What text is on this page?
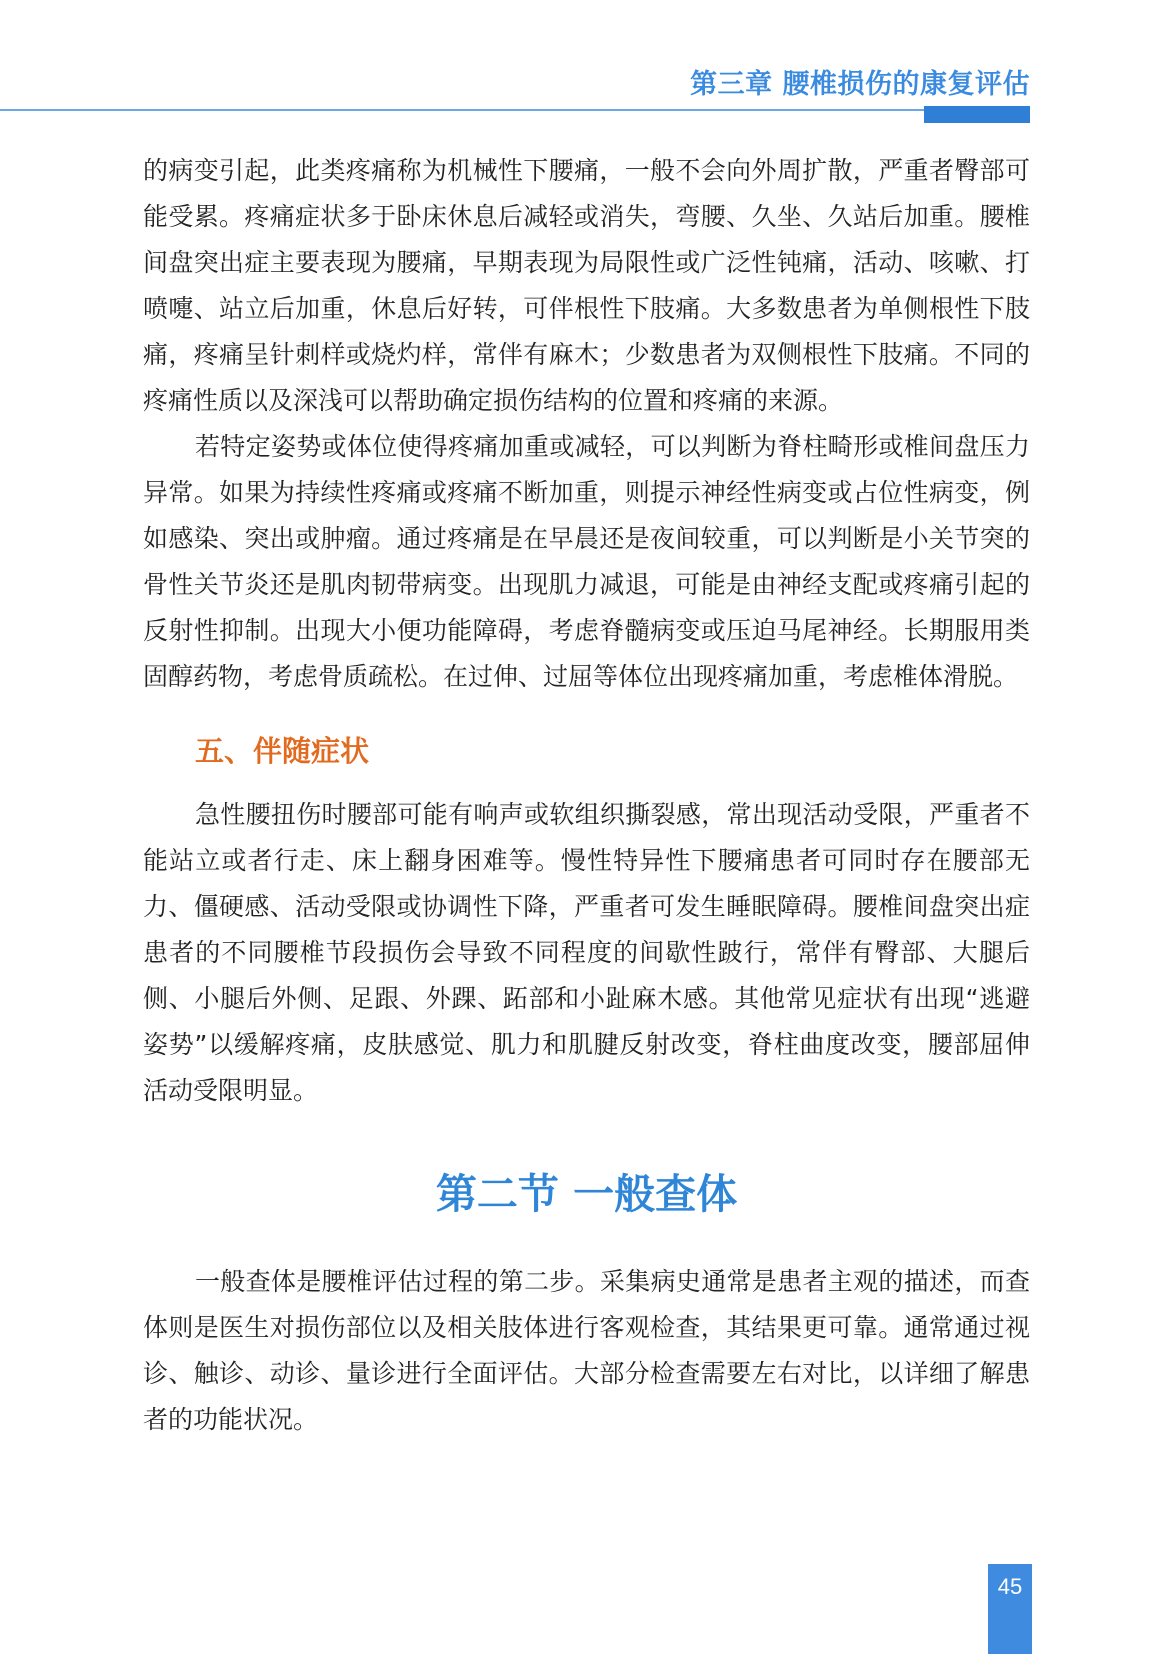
第三章 腰椎损伤的康复评估

的病变引起，此类疼痛称为机械性下腰痛，一般不会向外周扩散，严重者臀部可能受累。疼痛症状多于卧床休息后减轻或消失，弯腰、久坐、久站后加重。腰椎间盘突出症主要表现为腰痛，早期表现为局限性或广泛性钝痛，活动、咳嗽、打喷嚏、站立后加重，休息后好转，可伴根性下肢痛。大多数患者为单侧根性下肢痛，疼痛呈针刺样或烧灼样，常伴有麻木；少数患者为双侧根性下肢痛。不同的疼痛性质以及深浅可以帮助确定损伤结构的位置和疼痛的来源。

若特定姿势或体位使得疼痛加重或减轻，可以判断为脊柱畸形或椎间盘压力异常。如果为持续性疼痛或疼痛不断加重，则提示神经性病变或占位性病变，例如感染、突出或肿瘤。通过疼痛是在早晨还是夜间较重，可以判断是小关节突的骨性关节炎还是肌肉韧带病变。出现肌力减退，可能是由神经支配或疼痛引起的反射性抑制。出现大小便功能障碍，考虑脊髓病变或压迫马尾神经。长期服用类固醇药物，考虑骨质疏松。在过伸、过屈等体位出现疼痛加重，考虑椎体滑脱。

五、伴随症状

急性腰扭伤时腰部可能有响声或软组织撕裂感，常出现活动受限，严重者不能站立或者行走、床上翻身困难等。慢性特异性下腰痛患者可同时存在腰部无力、僵硬感、活动受限或协调性下降，严重者可发生睡眠障碍。腰椎间盘突出症患者的不同腰椎节段损伤会导致不同程度的间歇性跛行，常伴有臀部、大腿后侧、小腿后外侧、足跟、外踝、跖部和小趾麻木感。其他常见症状有出现“逃避姿势”以缓解疼痛，皮肤感觉、肌力和肌腱反射改变，脊柱曲度改变，腰部屈伸活动受限明显。

第二节 一般查体

一般查体是腰椎评估过程的第二步。采集病史通常是患者主观的描述，而查体则是医生对损伤部位以及相关肢体进行客观检查，其结果更可靠。通常通过视诊、触诊、动诊、量诊进行全面评估。大部分检查需要左右对比，以详细了解患者的功能状况。

45
